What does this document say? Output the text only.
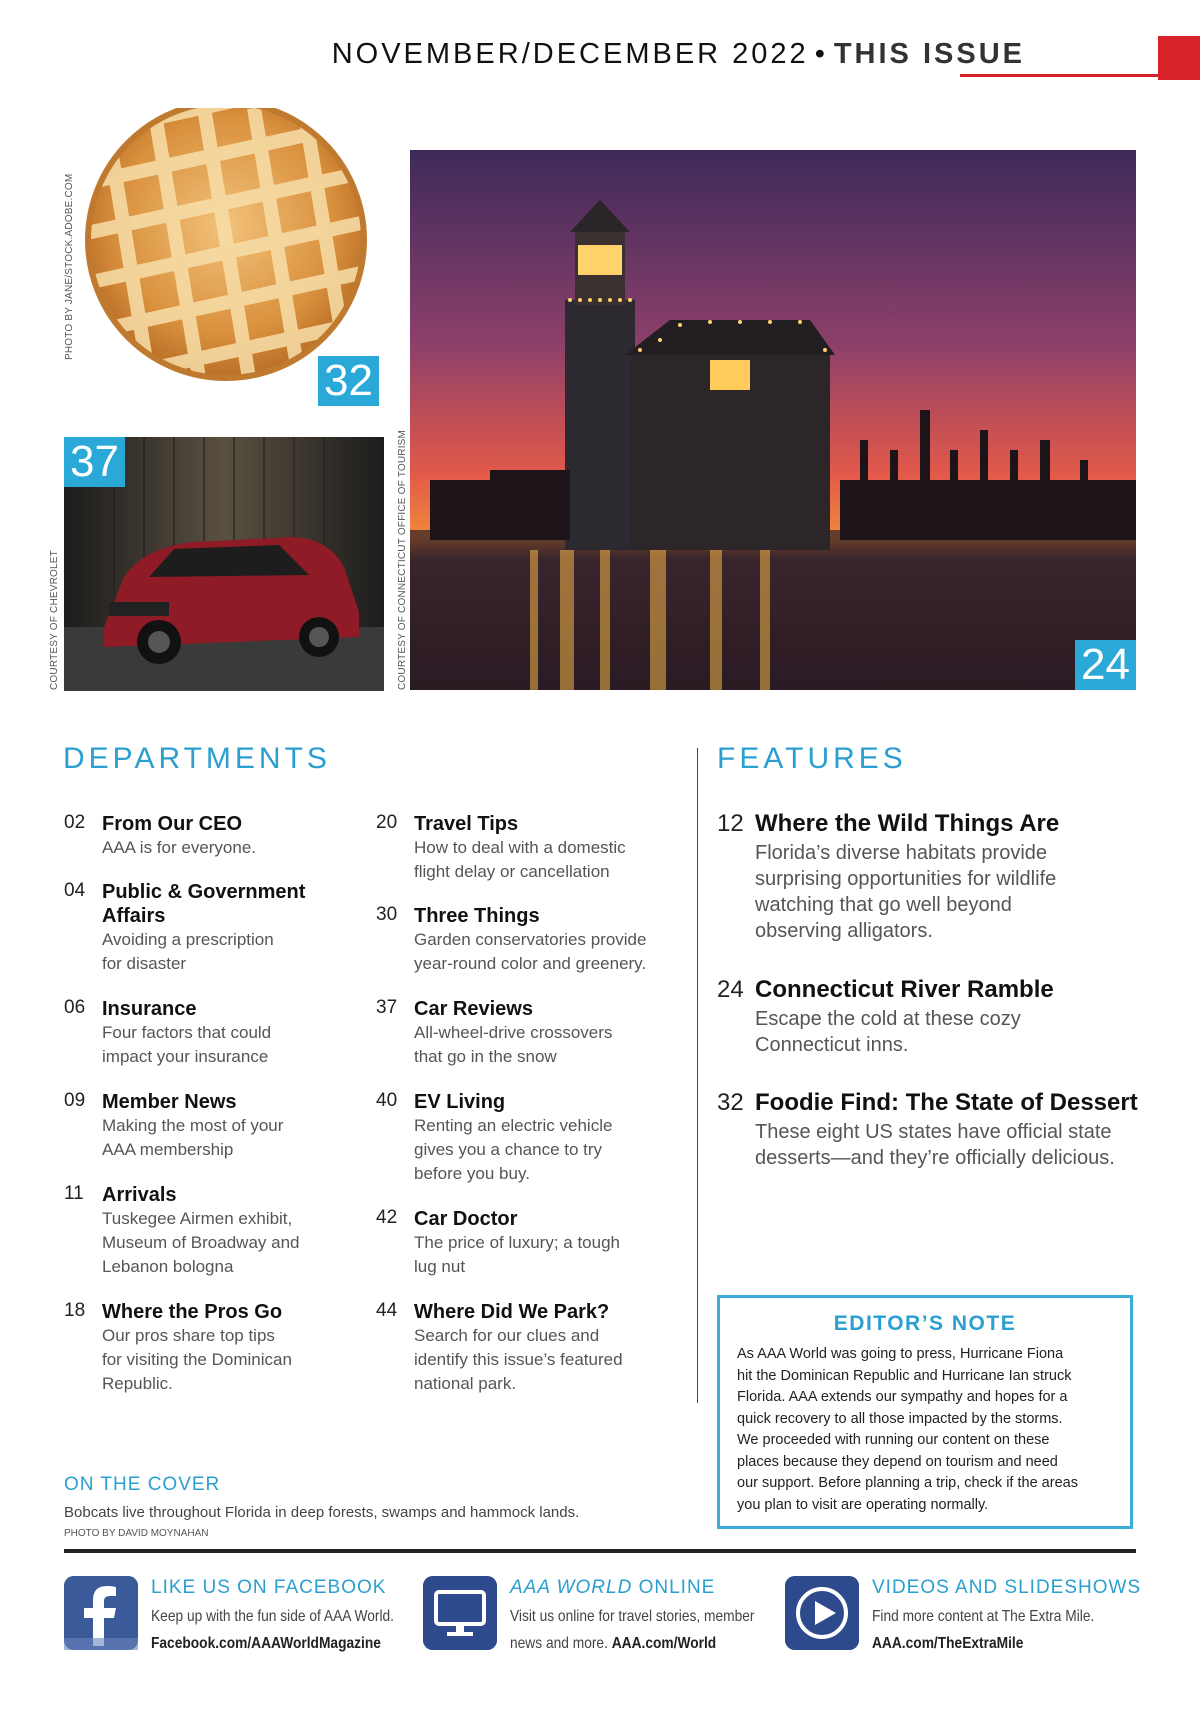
NOVEMBER/DECEMBER 2022 • THIS ISSUE
32
PHOTO BY JANE/STOCK.ADOBE.COM
37
COURTESY OF CHEVROLET	24
COURTESY OF CONNECTICUT OFFICE OF TOURISM
DEPARTMENTS
02 From Our CEO
AAA is for everyone.
04 Public & Government
Affairs
Avoiding a prescription
for disaster
06 Insurance
Four factors that could
impact your insurance
09 Member News
Making the most of your
AAA membership
11 Arrivals
Tuskegee Airmen exhibit,
Museum of Broadway and
Lebanon bologna
18 Where the Pros Go
Our pros share top tips
for visiting the Dominican
Republic.
20 Travel Tips
How to deal with a domestic
flight delay or cancellation
30 Three Things
Garden conservatories provide
year-round color and greenery.
37 Car Reviews
All-wheel-drive crossovers
that go in the snow
40 EV Living
Renting an electric vehicle
gives you a chance to try
before you buy.
42 Car Doctor
The price of luxury; a tough
lug nut
44 Where Did We Park?
Search for our clues and
identify this issue’s featured
national park.
FEATURES
12 Where the Wild Things Are
Florida’s diverse habitats provide
surprising opportunities for wildlife
watching that go well beyond
observing alligators.
24 Connecticut River Ramble
Escape the cold at these cozy
Connecticut inns.
32 Foodie Find: The State of Dessert
These eight US states have official state
desserts—and they’re officially delicious.
EDITOR’S NOTE
As AAA World was going to press, Hurricane Fiona
hit the Dominican Republic and Hurricane Ian struck
Florida. AAA extends our sympathy and hopes for a
quick recovery to all those impacted by the storms.
We proceeded with running our content on these
places because they depend on tourism and need
our support. Before planning a trip, check if the areas
you plan to visit are operating normally.
ON THE COVER
Bobcats live throughout Florida in deep forests, swamps and hammock lands.
PHOTO BY DAVID MOYNAHAN
LIKE US ON FACEBOOK
Keep up with the fun side of AAA World.
Facebook.com/AAAWorldMagazine
AAA WORLD ONLINE
Visit us online for travel stories, member
news and more. AAA.com/World
VIDEOS AND SLIDESHOWS
Find more content at The Extra Mile.
AAA.com/TheExtraMile
